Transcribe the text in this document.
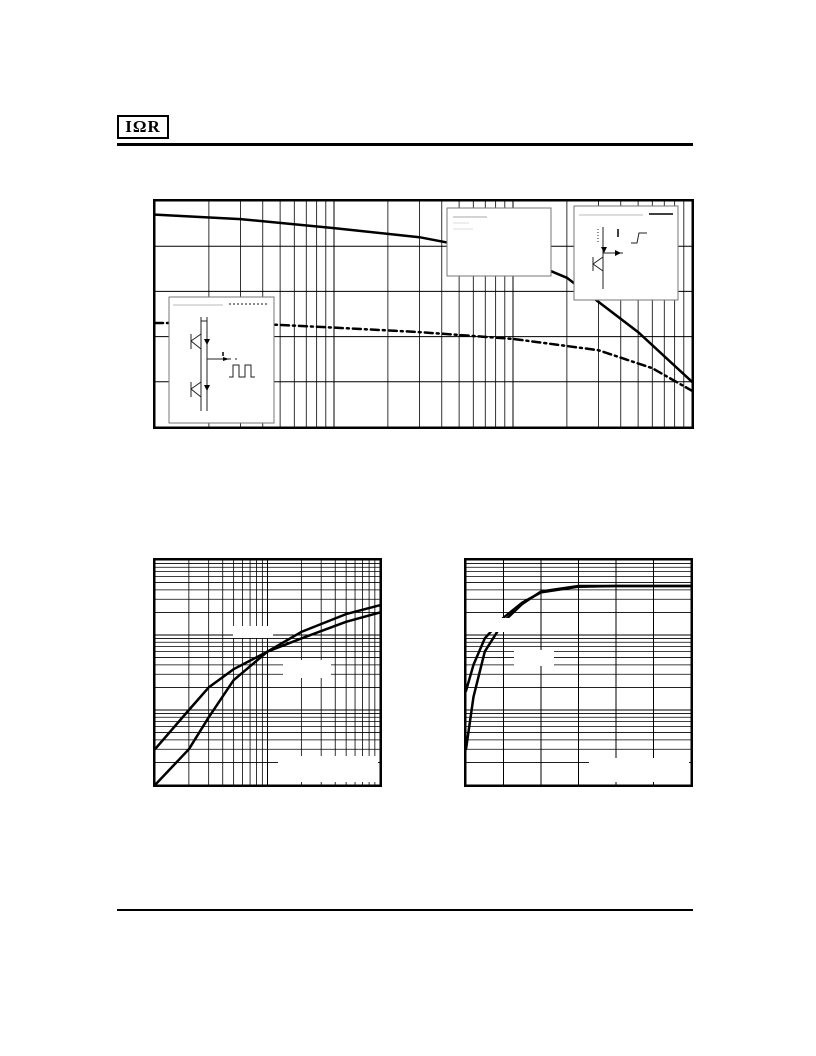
IΩR
